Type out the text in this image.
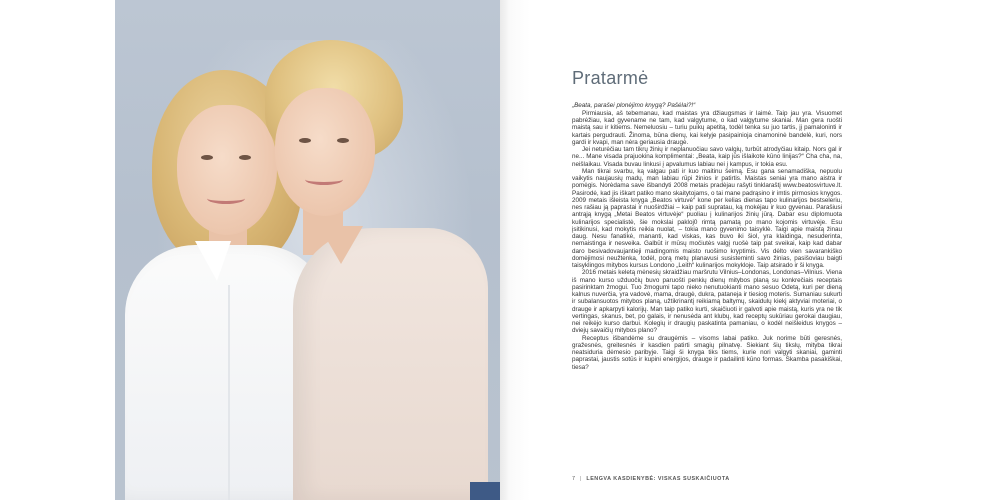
Pratarmė

„Beata, parašei plonėjimo knygą? Pašėlai?!“

Pirmiausia, aš tebemanau, kad maistas yra džiaugsmas ir laimė. Taip jau yra. Visuomet pabrėžiau, kad gyvename ne tam, kad valgytume, o kad valgytume skaniai. Man gera ruošti maistą sau ir kitiems. Nemeluosiu – turiu puikų apetitą, todėl tenka su juo tartis, jį pamaloninti ir kartais pergudrauti. Žinoma, būna dienų, kai kelyje pasipainioja cinamoninė bandelė, kuri, nors gardi ir kvapi, man nėra geriausia draugė.

Jei neturėčiau tam tikrų žinių ir neplanuočiau savo valgių, turbūt atrodyčiau kitaip. Nors gal ir ne... Mane visada prajuokina komplimentai: „Beata, kaip jūs išlaikote kūno linijas?“ Cha cha, na, neišlaikau. Visada buvau linkusi į apvalumus labiau nei į kampus, ir tokia esu.

Man tikrai svarbu, ką valgau pati ir kuo maitinu šeimą. Esu gana senamadiška, nepuolu vaikytis naujausių madų, man labiau rūpi žinios ir patirtis. Maistas seniai yra mano aistra ir pomėgis. Norėdama save išbandyti 2008 metais pradėjau rašyti tinklaraštį www.beatosvirtuve.lt. Pasirodė, kad jis iškart patiko mano skaitytojams, o tai mane padrąsino ir imtis pirmosios knygos. 2009 metais išleista knyga „Beatos virtuvė“ kone per kelias dienas tapo kulinarijos bestseleriu, nes rašiau ją paprastai ir nuoširdžiai – kaip pati supratau, ką mokėjau ir kuo gyvenau. Parašiusi antrąją knygą „Metai Beatos virtuvėje“ puoliau į kulinarijos žinių jūrą. Dabar esu diplomuota kulinarijos specialistė, šie mokslai pakloj0 rimtą pamatą po mano kojomis virtuvėje. Esu įsitikinusi, kad mokytis reikia nuolat, – tokia mano gyvenimo taisyklė. Taigi apie maistą žinau daug. Nesu fanatikė, mananti, kad viskas, kas buvo iki šiol, yra klaidinga, nesuderinta, nemaistinga ir nesveika. Galbūt ir mūsų močiutės valgį ruošė taip pat sveikai, kaip kad dabar daro besivadovaujantieji madingomis maisto ruošimo kryptimis. Vis dėlto vien savarankiško domėjimosi neužtenka, todėl, porą metų planavusi susisteminti savo žinias, pasišoviau baigti taisyklingos mitybos kursus Londono „Leith“ kulinarijos mokykloje. Taip atsirado ir ši knyga.

2016 metais keletą mėnesių skraidžiau maršrutu Vilnius–Londonas, Londonas–Vilnius. Viena iš mano kurso užduočių buvo paruošti penkių dienų mitybos planą su konkrečiais receptais pasirinktam žmogui. Tuo žmogumi tapo nieko nenutuokianti mano sesuo Odetą, kuri per dieną kalnus nuverčia, yra vadovė, mama, draugė, dukra, pataneja ir tiesiog moteris. Sumaniau sukurti ir subalansuotos mitybos planą, užtikrinantį reikiamą baltymų, skaidulų kiekį aktyviai moteriai, o drauge ir apkarpyti kalorijų. Man taip patiko kurti, skaičiuoti ir galvoti apie maistą, kuris yra ne tik vertingas, skanus, bet, po galais, ir nenusėda ant klubų, kad receptų sukūriau gerokai daugiau, nei reikėjo kurso darbui. Kolegių ir draugių paskatinta pamaniau, o kodėl neišleidus knygos – dviejų savaičių mitybos plano?

Receptus išbandėme su draugėmis – visoms labai patiko. Juk norime būti geresnės, gražesnės, greitesnės ir kasdien patirti smagių pilnatvę. Siekiant šių tikslų, mityba tikrai neatsiduria dėmesio paribyje. Taigi ši knyga tiks tiems, kurie nori valgyti skaniai, gaminti paprastai, jaustis sotūs ir kupini energijos, drauge ir padailinti kūno formas. Skamba pasakiškai, tiesa?

7 | LENGVA KASDIENYBĖ: VISKAS SUSKAIČIUOTA
